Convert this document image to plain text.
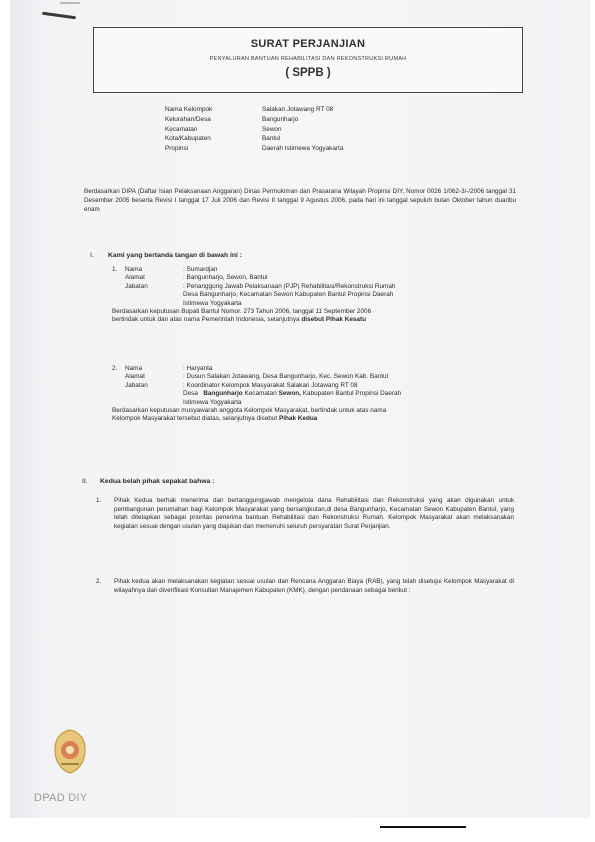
SURAT PERJANJIAN
PENYALURAN BANTUAN REHABILITASI DAN REKONSTRUKSI RUMAH
( SPPB )
Nama Kelompok	Salakan Jotawang RT 08
Kelurahan/Desa	Bangunharjo
Kecamatan	Sewon
Kota/Kabupaten	Bantul
Propinsi	Daerah Istimewa Yogyakarta
Berdasarkan DIPA (Daftar Isian Pelaksanaan Anggaran) Dinas Permukiman dan Prasarana Wilayah Propinsi DIY, Nomor 0026 1/062-3/-/2006 tanggal 31 Desember 2005 beserta Revisi I tanggal 17 Juli 2006 dan Revisi II tanggal 9 Agustus 2006, pada hari ini tanggal sepuluh bulan Oktober tahun duaribu enam
I. Kami yang bertanda tangan di bawah ini :
1.	Nama	: Sumardjan
Alamat	: Bangunharjo, Sewon, Bantul
Jabatan	: Penanggung Jawab Pelaksanaan (PJP) Rehabilitasi/Rekonstruksi Rumah
Desa Bangunharjo, Kecamatan Sewon Kabupaten Bantul Propinsi Daerah
Istimewa Yogyakarta
Berdasarkan keputusan Bupati Bantul Nomor. 273 Tahun 2006, tanggal 11 September 2006
bertindak untuk dan atas nama Pemerintah Indonesia, selanjutnya disebut Pihak Kesatu
2.	Nama	: Haryanta
Alamat	: Dusun Salakan Jotawang, Desa Bangunharjo, Kec. Sewon Kab. Bantul
Jabatan	: Koordinator Kelompok Masyarakat Salakan Jotawang RT 08
Desa Bangunharjo Kecamatan Sewon, Kabupaten Bantul Propinsi Daerah
Istimewa Yogyakarta
Berdasarkan keputusan musyawarah anggota Kelompok Masyarakat, bertindak untuk atas nama
Kelompok Masyarakat tersebut diatas, selanjutnya disebut Pihak Kedua
II. Kedua belah pihak sepakat bahwa :
1.	Pihak Kedua berhak menerima dan bertanggungjawab mengelola dana Rehabilitasi dan Rekonstruksi yang akan digunakan untuk pembangunan perumahan bagi Kelompok Masyarakat yang bersangkutan,di desa Bangunharjo, Kecamatan Sewon Kabupaten Bantul, yang telah ditetapkan sebagai prioritas penerima bantuan Rehabilitasi dan Rekonstruksi Rumah. Kelompok Masyarakat akan melaksanakan kegiatan sesuai dengan usulan yang diajukan dan memenuhi seluruh persyaratan Surat Perjanjian.
2.	Pihak kedua akan melaksanakan kegiatan sesuai usulan dan Rencana Anggaran Biaya (RAB), yang telah disetujui Kelompok Masyarakat di wilayahnya dan diverifikasi Konsultan Manajemen Kabupaten (KMK), dengan pendanaan sebagai berikut :
DPAD DIY
